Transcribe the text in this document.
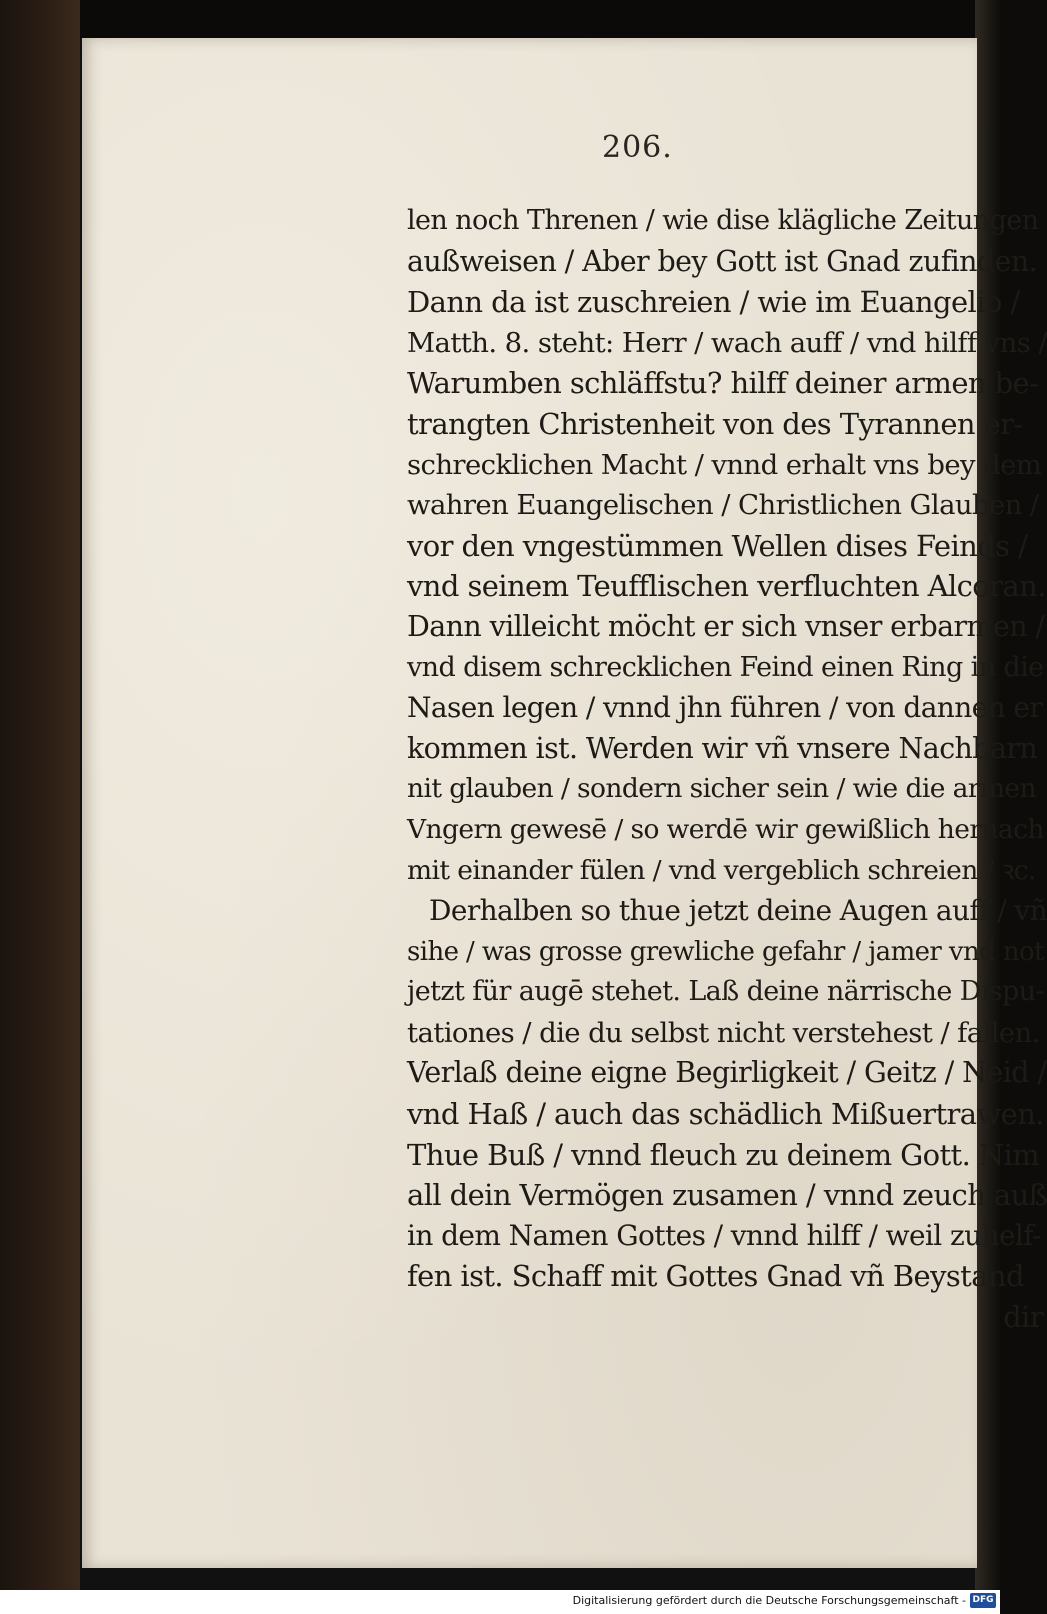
206.
len noch Threnen / wie dise klägliche Zeitungen
außweisen / Aber bey Gott ist Gnad zufinden.
Dann da ist zuschreien / wie im Euangelio /
Matth. 8. steht: Herr / wach auff / vnd hilff vns /
Warumben schläffstu? hilff deiner armen be-
trangten Christenheit von des Tyrannen er-
schrecklichen Macht / vnnd erhalt vns bey dem
wahren Euangelischen / Christlichen Glauben /
vor den vngestümmen Wellen dises Feinds /
vnd seinem Teufflischen verfluchten Alcoran.
Dann villeicht möcht er sich vnser erbarmen /
vnd disem schrecklichen Feind einen Ring in die
Nasen legen / vnnd jhn führen / von dannen er
kommen ist. Werden wir vñ vnsere Nachbarn
nit glauben / sondern sicher sein / wie die armen
Vngern gewesē / so werdē wir gewißlich hernach
mit einander fülen / vnd vergeblich schreien / ꝛc.
Derhalben so thue jetzt deine Augen auff / vñ
sihe / was grosse grewliche gefahr / jamer vnd not
jetzt für augē stehet. Laß deine närrische Dispu-
tationes / die du selbst nicht verstehest / fallen.
Verlaß deine eigne Begirligkeit / Geitz / Neid /
vnd Haß / auch das schädlich Mißuertrawen.
Thue Buß / vnnd fleuch zu deinem Gott. Nim
all dein Vermögen zusamen / vnnd zeuch auß
in dem Namen Gottes / vnnd hilff / weil zuhelf-
fen ist. Schaff mit Gottes Gnad vñ Beystand
dir
Digitalisierung gefördert durch die Deutsche Forschungsgemeinschaft - DFG
